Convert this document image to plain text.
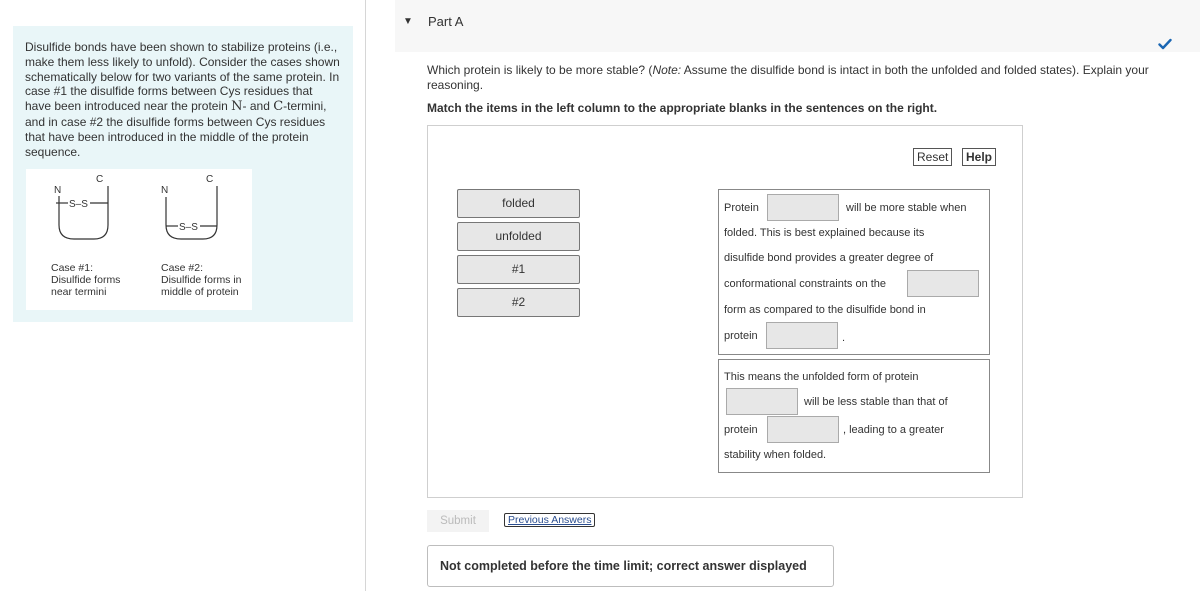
Disulfide bonds have been shown to stabilize proteins (i.e., make them less likely to unfold). Consider the cases shown schematically below for two variants of the same protein. In case #1 the disulfide forms between Cys residues that have been introduced near the protein N- and C-termini, and in case #2 the disulfide forms between Cys residues that have been introduced in the middle of the protein sequence.
N
C
S–S
N
C
S–S
Case #1:
Disulfide forms
near termini
Case #2:
Disulfide forms in
middle of protein
▼ Part A
Which protein is likely to be more stable? (Note: Assume the disulfide bond is intact in both the unfolded and folded states). Explain your reasoning.
Match the items in the left column to the appropriate blanks in the sentences on the right.
Reset	Help
folded
unfolded
#1
#2
Protein	will be more stable when
folded. This is best explained because its
disulfide bond provides a greater degree of
conformational constraints on the
form as compared to the disulfide bond in
protein	.
This means the unfolded form of protein
will be less stable than that of
protein	, leading to a greater
stability when folded.
Submit	Previous Answers
Not completed before the time limit; correct answer displayed
